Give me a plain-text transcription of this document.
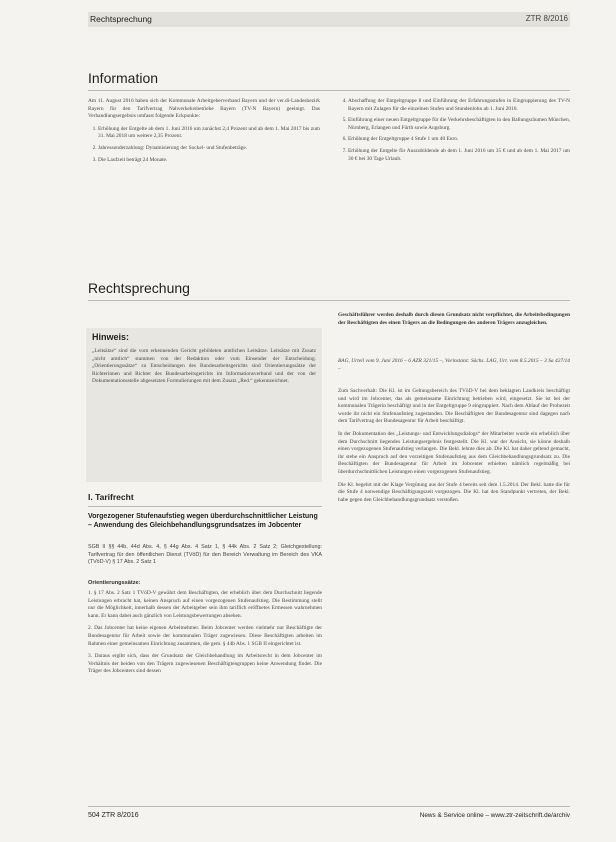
Rechtsprechung	ZTR 8/2016
Information

Am 11. August 2016 haben sich der Kommunale Arbeitgeberverband Bayern und der ver.di-Landesbezirk Bayern für den Tarifvertrag Nahverkehrsbetriebe Bayern (TV-N Bayern) geeinigt. Das Verhandlungsergebnis umfasst folgende Eckpunkte:

1. Erhöhung der Entgelte ab dem 1. Juni 2016 um zunächst 2,4 Prozent und ab dem 1. Mai 2017 bis zum 31. Mai 2018 um weitere 2,35 Prozent.
2. Jahressonderzahlung: Dynamisierung der Sockel- und Stufenbeträge.
3. Die Laufzeit beträgt 24 Monate.
4. Abschaffung der Entgeltgruppe 8 und Einführung der Erfahrungsstufen in Eingruppierung des TV-N Bayern mit Zulagen für die einzelnen Stufen und Stundenlohn ab 1. Juni 2016.
5. Einführung einer neuen Entgeltgruppe für die Verkehrsbeschäftigten in den Ballungsräumen München, Nürnberg, Erlangen und Fürth sowie Augsburg.
6. Erhöhung der Entgeltgruppe 4 Stufe 1 um 40 Euro.
7. Erhöhung der Entgelte für Auszubildende ab dem 1. Juni 2016 um 35 € und ab dem 1. Mai 2017 um 30 € bei 30 Tage Urlaub.
Rechtsprechung
Hinweis:
„Leitsätze“ sind die vom erkennenden Gericht gebildeten amtlichen Leitsätze. Leitsätze mit Zusatz „nicht amtlich“ stammen von der Redaktion oder vom Einsender der Entscheidung. „Orientierungssätze“ zu Entscheidungen des Bundesarbeitsgerichts sind Orientierungssätze der Richterinnen und Richter des Bundesarbeitsgerichts im Informationsverbund und der von der Dokumentationsstelle abgesetzten Formulierungen mit dem Zusatz „Red.“ gekennzeichnet.
I. Tarifrecht
Vorgezogener Stufenaufstieg wegen überdurchschnittlicher Leistung – Anwendung des Gleichbehandlungsgrundsatzes im Jobcenter
SGB II §§ 44b, 44d Abs. 4, § 44g Abs. 4 Satz 1, § 44k Abs. 2 Satz 2; Gleichgestellung: Tarifvertrag für den öffentlichen Dienst (TVöD) für den Bereich Verwaltung im Bereich des VKA (TVöD-V) § 17 Abs. 2 Satz 1
Orientierungssätze:

1. § 17 Abs. 2 Satz 1 TVöD-V gewährt dem Beschäftigten, der erheblich über dem Durchschnitt liegende Leistungen erbracht hat, keinen Anspruch auf einen vorgezogenen Stufenaufstieg. Die Bestimmung stellt nur die Möglichkeit, innerhalb dessen der Arbeitgeber sein ihm tariflich eröffnetes Ermessen wahrnehmen kann. Er kann dabei auch gänzlich von Leistungsbewertungen absehen.

2. Das Jobcenter hat keine eigenen Arbeitnehmer. Beim Jobcenter werden vielmehr nur Beschäftigte der Bundesagentur für Arbeit sowie der kommunalen Träger zugewiesen. Diese Beschäftigten arbeiten im Rahmen einer gemeinsamen Einrichtung zusammen, die gem. § 44b Abs. 1 SGB II eingerichtet ist.

3. Daraus ergibt sich, dass der Grundsatz der Gleichbehandlung im Arbeitsrecht in dem Jobcenter im Verhältnis der beiden von den Trägern zugewiesenen Beschäftigtengruppen keine Anwendung findet. Die Träger des Jobcenters sind dessen

Geschäftsführer werden deshalb durch diesen Grundsatz nicht verpflichtet, die Arbeitsbedingungen der Beschäftigten des einen Trägers an die Bedingungen des anderen Trägers anzugleichen.
BAG, Urteil vom 9. Juni 2016 – 6 AZR 321/15 –, Vorinstanz: Sächs. LAG, Urt. vom 8.5.2015 – 3 Sa 427/14 –

Zum Sachverhalt: Die Kl. ist im Geltungsbereich des TVöD-V bei dem beklagten Landkreis beschäftigt und wird im Jobcenter, das als gemeinsame Einrichtung betrieben wird, eingesetzt. Sie ist bei der kommunalen Trägerin beschäftigt und in der Entgeltgruppe 9 eingruppiert. Nach dem Ablauf der Probezeit wurde ihr nicht ein Stufenaufstieg zugestanden. Die Beschäftigten der Bundesagentur sind dagegen nach dem Tarifvertrag der Bundesagentur für Arbeit beschäftigt.

In der Dokumentation des „Leistungs- und Entwicklungsdialogs“ der Mitarbeiter wurde ein erheblich über dem Durchschnitt liegendes Leistungsergebnis festgestellt. Die Kl. war der Ansicht, sie könne deshalb einen vorgezogenen Stufenaufstieg verlangen. Die Bekl. lehnte dies ab. Die Kl. hat daher geltend gemacht, ihr stehe ein Anspruch auf den vorzeitigen Stufenaufstieg aus dem Gleichbehandlungsgrundsatz zu. Die Beschäftigten der Bundesagentur für Arbeit im Jobcenter erhielten nämlich regelmäßig bei überdurchschnittlichen Leistungen einen vorgezogenen Stufenaufstieg.

Die Kl. begehrt mit der Klage Vergütung aus der Stufe 4 bereits seit dem 1.5.2014. Der Bekl. hatte die für die Stufe 4 notwendige Beschäftigungszeit vorgezogen. Die Kl. hat den Standpunkt vertreten, der Bekl. habe gegen den Gleichbehandlungsgrundsatz verstoßen.

504 ZTR 8/2016	News & Service online – www.ztr-zeitschrift.de/archiv
